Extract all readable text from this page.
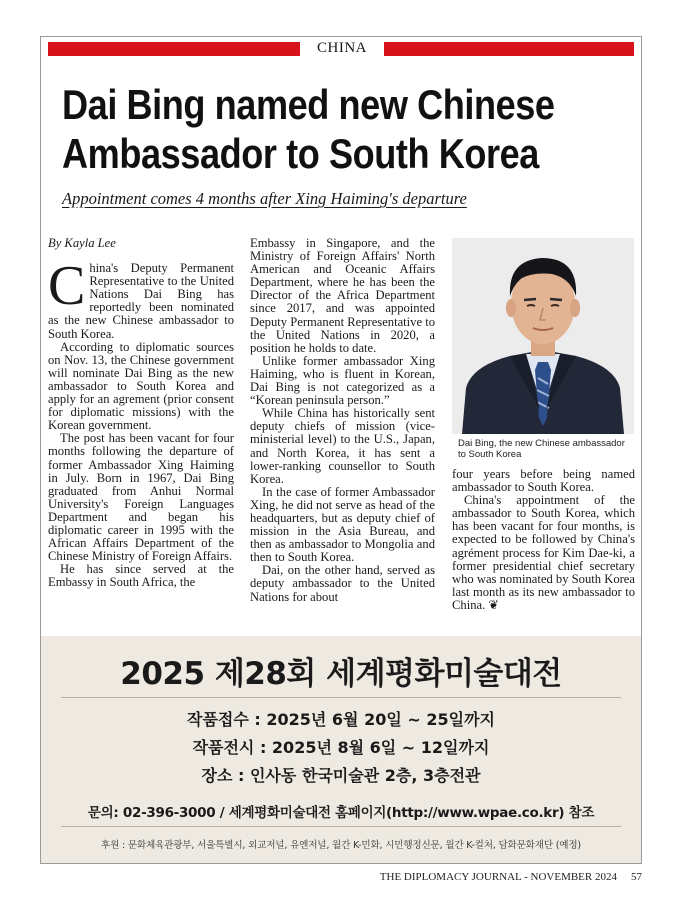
CHINA
Dai Bing named new Chinese
Ambassador to South Korea
Appointment comes 4 months after Xing Haiming's departure

By Kayla Lee

China's Deputy Permanent Representative to the United Nations Dai Bing has reportedly been nominated as the new Chinese ambassador to South Korea.

According to diplomatic sources on Nov. 13, the Chinese government will nominate Dai Bing as the new ambassador to South Korea and apply for an agrement (prior consent for diplomatic missions) with the Korean government.

The post has been vacant for four months following the departure of former Ambassador Xing Haiming in July. Born in 1967, Dai Bing graduated from Anhui Normal University's Foreign Languages Department and began his diplomatic career in 1995 with the African Affairs Department of the Chinese Ministry of Foreign Affairs.

He has since served at the Embassy in South Africa, the

Embassy in Singapore, and the Ministry of Foreign Affairs' North American and Oceanic Affairs Department, where he has been the Director of the Africa Department since 2017, and was appointed Deputy Permanent Representative to the United Nations in 2020, a position he holds to date.

Unlike former ambassador Xing Haiming, who is fluent in Korean, Dai Bing is not categorized as a “Korean peninsula person.”

While China has historically sent deputy chiefs of mission (vice-ministerial level) to the U.S., Japan, and North Korea, it has sent a lower-ranking counsellor to South Korea.

In the case of former Ambassador Xing, he did not serve as head of the headquarters, but as deputy chief of mission in the Asia Bureau, and then as ambassador to Mongolia and then to South Korea.

Dai, on the other hand, served as deputy ambassador to the United Nations for about

Dai Bing, the new Chinese ambassador to South Korea

four years before being named ambassador to South Korea.

China's appointment of the ambassador to South Korea, which has been vacant for four months, is expected to be followed by China's agrément process for Kim Dae-ki, a former presidential chief secretary who was nominated by South Korea last month as its new ambassador to China. ❦

2025 제28회 세계평화미술대전
작품접수 : 2025년 6월 20일 ~ 25일까지
작품전시 : 2025년 8월 6일 ~ 12일까지
장소 : 인사동 한국미술관 2층, 3층전관
문의: 02-396-3000 / 세계평화미술대전 홈페이지(http://www.wpae.co.kr) 참조
후원 : 문화체육관광부, 서울특별시, 외교저널, 유엔저널, 월간 K-민화, 시민행정신문, 월간 K-컬처, 담화문화재단 (예정)
THE DIPLOMACY JOURNAL - NOVEMBER 2024 57
